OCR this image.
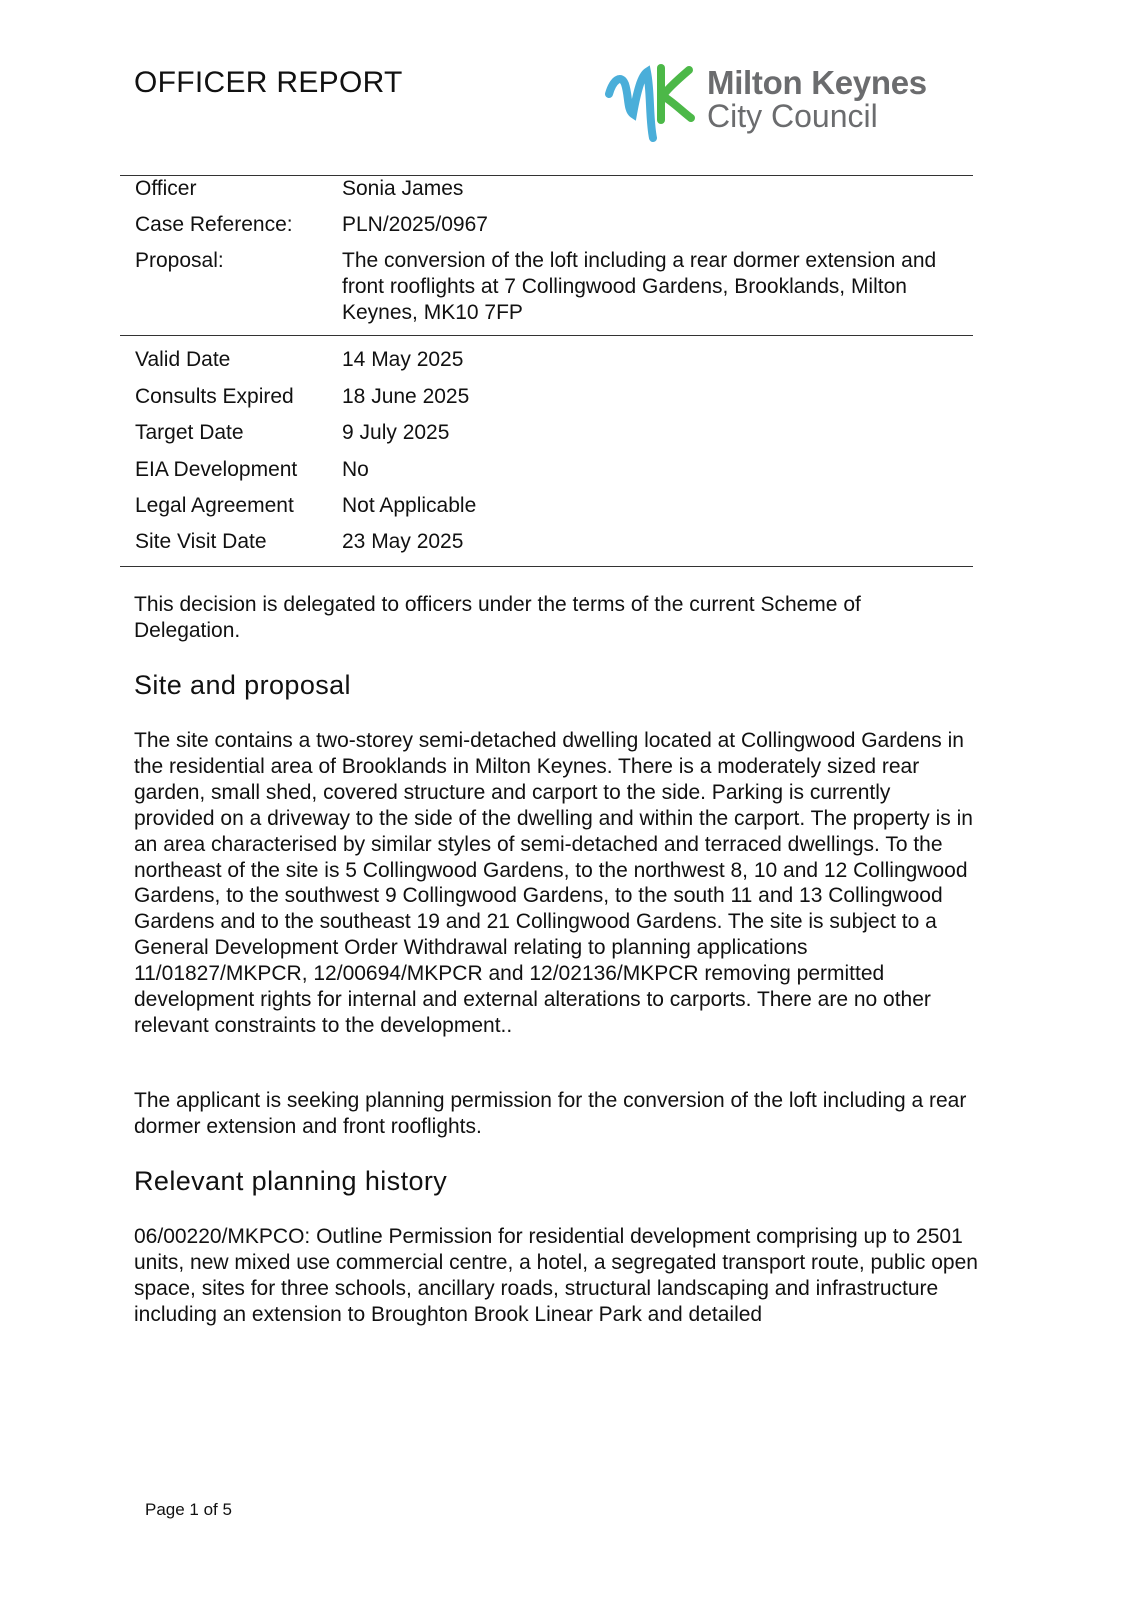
OFFICER REPORT	Milton Keynes
City Council
Officer	Sonia James
Case Reference: PLN/2025/0967
Proposal:	The conversion of the loft including a rear dormer extension and front rooflights at 7 Collingwood Gardens, Brooklands, Milton Keynes, MK10 7FP
Valid Date	14 May 2025
Consults Expired 18 June 2025
Target Date	9 July 2025
EIA Development No
Legal Agreement Not Applicable
Site Visit Date	23 May 2025

This decision is delegated to officers under the terms of the current Scheme of Delegation.

Site and proposal

The site contains a two-storey semi-detached dwelling located at Collingwood Gardens in the residential area of Brooklands in Milton Keynes. There is a moderately sized rear garden, small shed, covered structure and carport to the side. Parking is currently provided on a driveway to the side of the dwelling and within the carport. The property is in an area characterised by similar styles of semi-detached and terraced dwellings. To the northeast of the site is 5 Collingwood Gardens, to the northwest 8, 10 and 12 Collingwood Gardens, to the southwest 9 Collingwood Gardens, to the south 11 and 13 Collingwood Gardens and to the southeast 19 and 21 Collingwood Gardens. The site is subject to a General Development Order Withdrawal relating to planning applications 11/01827/MKPCR, 12/00694/MKPCR and 12/02136/MKPCR removing permitted development rights for internal and external alterations to carports. There are no other relevant constraints to the development..

The applicant is seeking planning permission for the conversion of the loft including a rear dormer extension and front rooflights.

Relevant planning history

06/00220/MKPCO: Outline Permission for residential development comprising up to 2501 units, new mixed use commercial centre, a hotel, a segregated transport route, public open space, sites for three schools, ancillary roads, structural landscaping and infrastructure including an extension to Broughton Brook Linear Park and detailed

Page 1 of 5
